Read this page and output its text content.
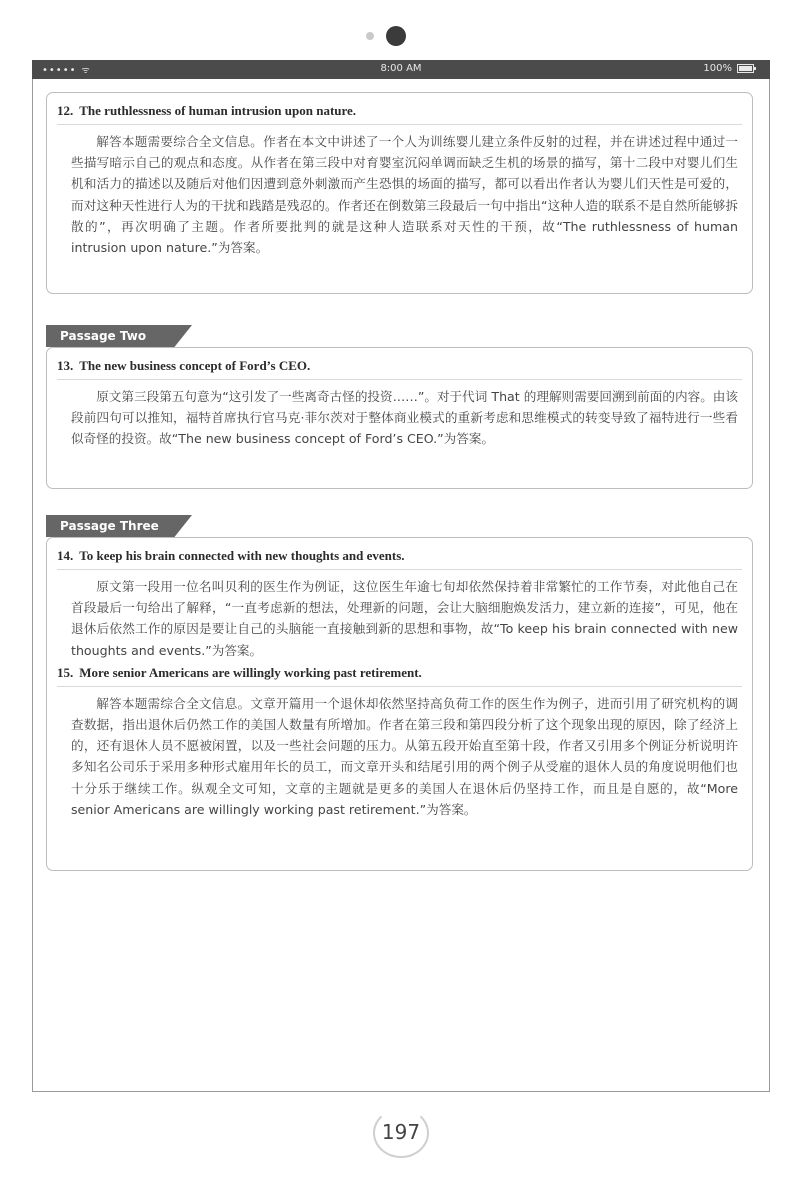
••••• ᯤ	8:00 AM	100%
12. The ruthlessness of human intrusion upon nature.

解答本题需要综合全文信息。作者在本文中讲述了一个人为训练婴儿建立条件反射的过程，并在讲述过程中通过一些描写暗示自己的观点和态度。从作者在第三段中对育婴室沉闷单调而缺乏生机的场景的描写，第十二段中对婴儿们生机和活力的描述以及随后对他们因遭到意外刺激而产生恐惧的场面的描写，都可以看出作者认为婴儿们天性是可爱的，而对这种天性进行人为的干扰和践踏是残忍的。作者还在倒数第三段最后一句中指出“这种人造的联系不是自然所能够拆散的”，再次明确了主题。作者所要批判的就是这种人造联系对天性的干预，故“The ruthlessness of human intrusion upon nature.”为答案。

Passage Two
13. The new business concept of Ford’s CEO.

原文第三段第五句意为“这引发了一些离奇古怪的投资……”。对于代词 That 的理解则需要回溯到前面的内容。由该段前四句可以推知，福特首席执行官马克·菲尔茨对于整体商业模式的重新考虑和思维模式的转变导致了福特进行一些看似奇怪的投资。故“The new business concept of Ford’s CEO.”为答案。

Passage Three
14. To keep his brain connected with new thoughts and events.

原文第一段用一位名叫贝利的医生作为例证，这位医生年逾七旬却依然保持着非常繁忙的工作节奏，对此他自己在首段最后一句给出了解释，“一直考虑新的想法，处理新的问题，会让大脑细胞焕发活力，建立新的连接”，可见，他在退休后依然工作的原因是要让自己的头脑能一直接触到新的思想和事物，故“To keep his brain connected with new thoughts and events.”为答案。

15. More senior Americans are willingly working past retirement.

解答本题需综合全文信息。文章开篇用一个退休却依然坚持高负荷工作的医生作为例子，进而引用了研究机构的调查数据，指出退休后仍然工作的美国人数量有所增加。作者在第三段和第四段分析了这个现象出现的原因，除了经济上的，还有退休人员不愿被闲置，以及一些社会问题的压力。从第五段开始直至第十段，作者又引用多个例证分析说明许多知名公司乐于采用多种形式雇用年长的员工，而文章开头和结尾引用的两个例子从受雇的退休人员的角度说明他们也十分乐于继续工作。纵观全文可知，文章的主题就是更多的美国人在退休后仍坚持工作，而且是自愿的，故“More senior Americans are willingly working past retirement.”为答案。

197
